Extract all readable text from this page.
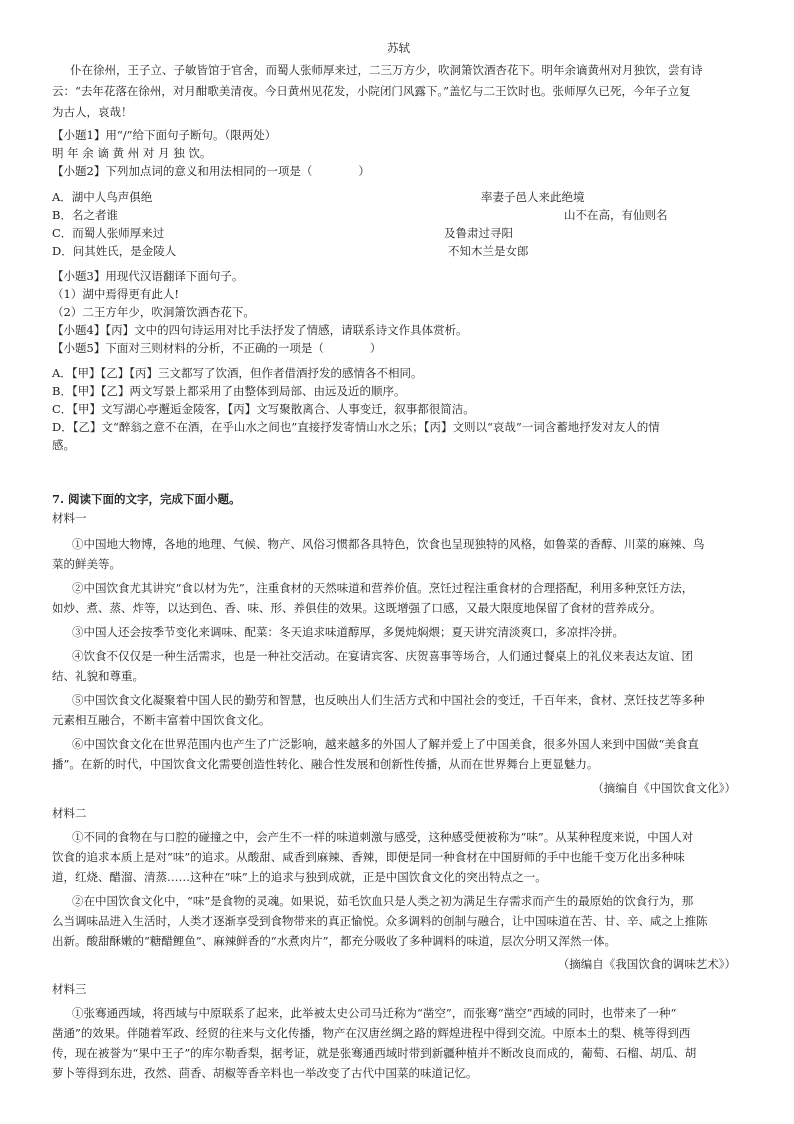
苏轼
仆在徐州，王子立、子敏皆馆于官舍，而蜀人张师厚来过，二三万方少，吹洞箫饮酒杏花下。明年余谪黄州对月独饮，尝有诗
云：“去年花落在徐州，对月酣歌美清夜。今日黄州见花发，小院闭门风露下。”盖忆与二王饮时也。张师厚久已死，今年子立复
为古人，哀哉！
【小题1】用“/”给下面句子断句。（限两处）
明 年 余 谪 黄 州 对 月 独 饮。
【小题2】下列加点词的意义和用法相同的一项是（　　　　）
A．湖中人鸟声俱绝	率妻子邑人来此绝境
B．名之者谁	山不在高，有仙则名
C．而蜀人张师厚来过	及鲁肃过寻阳
D．问其姓氏，是金陵人	不知木兰是女郎
【小题3】用现代汉语翻译下面句子。
（1）湖中焉得更有此人!
（2）二王方年少，吹洞箫饮酒杏花下。
【小题4】【丙】文中的四句诗运用对比手法抒发了情感，请联系诗文作具体赏析。
【小题5】下面对三则材料的分析，不正确的一项是（　　　　）
A．【甲】【乙】【丙】三文都写了饮酒，但作者借酒抒发的感情各不相同。
B．【甲】【乙】两文写景上都采用了由整体到局部、由远及近的顺序。
C．【甲】文写湖心亭邂逅金陵客，【丙】文写聚散离合、人事变迁，叙事都很简洁。
D．【乙】文“醉翁之意不在酒，在乎山水之间也”直接抒发寄情山水之乐；【丙】文则以“哀哉”一词含蓄地抒发对友人的情
感。
7. 阅读下面的文字，完成下面小题。
材料一
①中国地大物博，各地的地理、气候、物产、风俗习惯都各具特色，饮食也呈现独特的风格，如鲁菜的香醇、川菜的麻辣、鸟
菜的鲜美等。
②中国饮食尤其讲究“食以材为先”，注重食材的天然味道和营养价值。烹饪过程注重食材的合理搭配，利用多种烹饪方法，
如炒、煮、蒸、炸等，以达到色、香、味、形、养俱佳的效果。这既增强了口感，又最大限度地保留了食材的营养成分。
③中国人还会按季节变化来调味、配菜：冬天追求味道醇厚，多煲炖焖煨；夏天讲究清淡爽口，多凉拌冷拼。
④饮食不仅仅是一种生活需求，也是一种社交活动。在宴请宾客、庆贺喜事等场合，人们通过餐桌上的礼仪来表达友谊、团
结、礼貌和尊重。
⑤中国饮食文化凝聚着中国人民的勤劳和智慧，也反映出人们生活方式和中国社会的变迁，千百年来，食材、烹饪技艺等多种
元素相互融合，不断丰富着中国饮食文化。
⑥中国饮食文化在世界范围内也产生了广泛影响，越来越多的外国人了解并爱上了中国美食，很多外国人来到中国做“美食直
播”。在新的时代，中国饮食文化需要创造性转化、融合性发展和创新性传播，从而在世界舞台上更显魅力。
（摘编自《中国饮食文化》）
材料二
①不同的食物在与口腔的碰撞之中，会产生不一样的味道刺激与感受，这种感受便被称为“味”。从某种程度来说，中国人对
饮食的追求本质上是对“味”的追求。从酸甜、咸香到麻辣、香辣，即便是同一种食材在中国厨师的手中也能千变万化出多种味
道，红烧、醋溜、清蒸……这种在“味”上的追求与独到成就，正是中国饮食文化的突出特点之一。
②在中国饮食文化中，“味”是食物的灵魂。如果说，茹毛饮血只是人类之初为满足生存需求而产生的最原始的饮食行为，那
么当调味品进入生活时，人类才逐渐享受到食物带来的真正愉悦。众多调料的创制与融合，让中国味道在苦、甘、辛、咸之上推陈
出新。酸甜酥嫩的“糖醋鲤鱼”、麻辣鲜香的“水煮肉片”，都充分吸收了多种调料的味道，层次分明又浑然一体。
（摘编自《我国饮食的调味艺术》）
材料三
①张骞通西域，将西域与中原联系了起来，此举被太史公司马迁称为“凿空”，而张骞“凿空”西域的同时，也带来了一种“
凿通”的效果。伴随着军政、经贸的往来与文化传播，物产在汉唐丝绸之路的辉煌进程中得到交流。中原本土的梨、桃等得到西
传，现在被誉为“果中王子”的库尔勒香梨，据考证，就是张骞通西域时带到新疆种植并不断改良而成的，葡萄、石榴、胡瓜、胡
萝卜等得到东进，孜然、茴香、胡椒等香辛料也一举改变了古代中国菜的味道记忆。
